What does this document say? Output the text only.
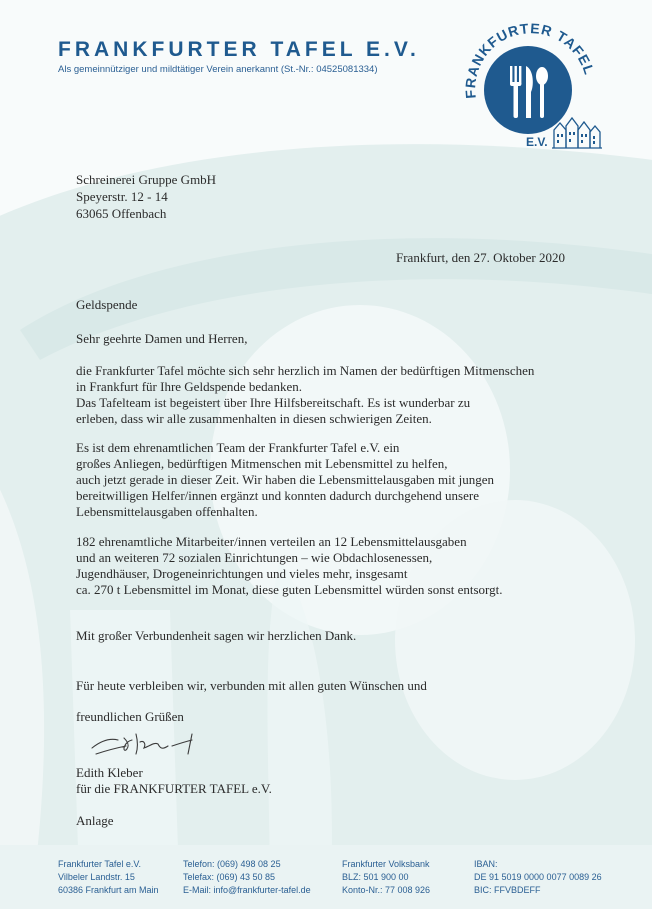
FRANKFURTER TAFEL E.V.
Als gemeinnütziger und mildtätiger Verein anerkannt (St.-Nr.: 04525081334)
FRANKFURTER TAFEL
E.V.
Schreinerei Gruppe GmbH
Speyerstr. 12 - 14
63065 Offenbach
Frankfurt, den 27. Oktober 2020
Geldspende
Sehr geehrte Damen und Herren,
die Frankfurter Tafel möchte sich sehr herzlich im Namen der bedürftigen Mitmenschen
in Frankfurt für Ihre Geldspende bedanken.
Das Tafelteam ist begeistert über Ihre Hilfsbereitschaft. Es ist wunderbar zu
erleben, dass wir alle zusammenhalten in diesen schwierigen Zeiten.
Es ist dem ehrenamtlichen Team der Frankfurter Tafel e.V. ein
großes Anliegen, bedürftigen Mitmenschen mit Lebensmittel zu helfen,
auch jetzt gerade in dieser Zeit. Wir haben die Lebensmittelausgaben mit jungen
bereitwilligen Helfer/innen ergänzt und konnten dadurch durchgehend unsere
Lebensmittelausgaben offenhalten.
182 ehrenamtliche Mitarbeiter/innen verteilen an 12 Lebensmittelausgaben
und an weiteren 72 sozialen Einrichtungen – wie Obdachlosenessen,
Jugendhäuser, Drogeneinrichtungen und vieles mehr, insgesamt
ca. 270 t Lebensmittel im Monat, diese guten Lebensmittel würden sonst entsorgt.
Mit großer Verbundenheit sagen wir herzlichen Dank.
Für heute verbleiben wir, verbunden mit allen guten Wünschen und
freundlichen Grüßen
Edith Kleber
für die FRANKFURTER TAFEL e.V.
Anlage
Frankfurter Tafel e.V.
Vilbeler Landstr. 15
60386 Frankfurt am Main
Telefon: (069) 498 08 25
Telefax: (069) 43 50 85
E-Mail: info@frankfurter-tafel.de
Frankfurter Volksbank
BLZ: 501 900 00
Konto-Nr.: 77 008 926
IBAN:
DE 91 5019 0000 0077 0089 26
BIC: FFVBDEFF
